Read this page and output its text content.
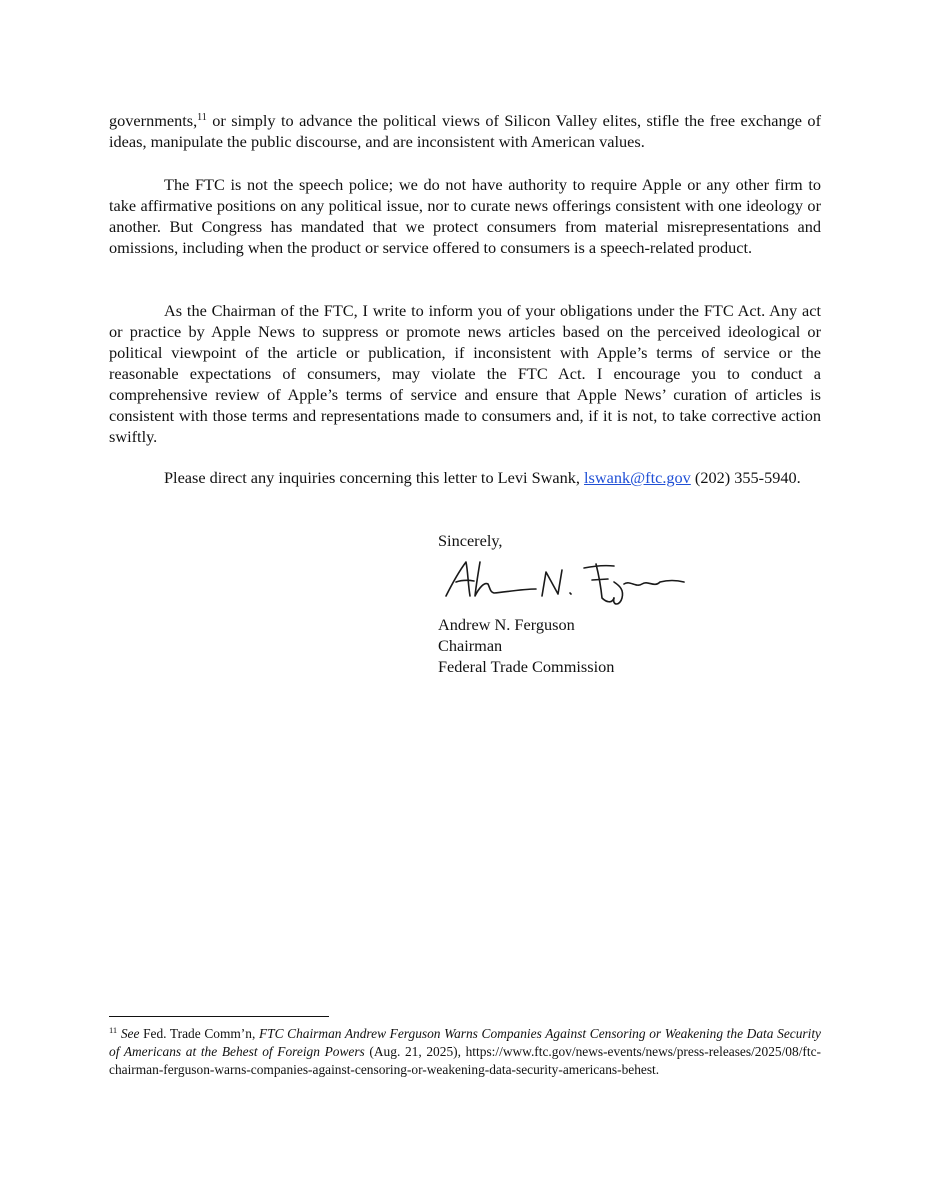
governments,$^{11}$ or simply to advance the political views of Silicon Valley elites, stifle the free exchange of ideas, manipulate the public discourse, and are inconsistent with American values.

The FTC is not the speech police; we do not have authority to require Apple or any other firm to take affirmative positions on any political issue, nor to curate news offerings consistent with one ideology or another. But Congress has mandated that we protect consumers from material misrepresentations and omissions, including when the product or service offered to consumers is a speech-related product.

As the Chairman of the FTC, I write to inform you of your obligations under the FTC Act. Any act or practice by Apple News to suppress or promote news articles based on the perceived ideological or political viewpoint of the article or publication, if inconsistent with Apple’s terms of service or the reasonable expectations of consumers, may violate the FTC Act. I encourage you to conduct a comprehensive review of Apple’s terms of service and ensure that Apple News’ curation of articles is consistent with those terms and representations made to consumers and, if it is not, to take corrective action swiftly.

Please direct any inquiries concerning this letter to Levi Swank, lswank@ftc.gov (202) 355-5940.

Sincerely,
Andrew N. Ferguson
Chairman
Federal Trade Commission

$^{11}$ See Fed. Trade Comm’n, FTC Chairman Andrew Ferguson Warns Companies Against Censoring or Weakening the Data Security of Americans at the Behest of Foreign Powers (Aug. 21, 2025), https://www.ftc.gov/news-events/news/press-releases/2025/08/ftc-chairman-ferguson-warns-companies-against-censoring-or-weakening-data-security-americans-behest.
